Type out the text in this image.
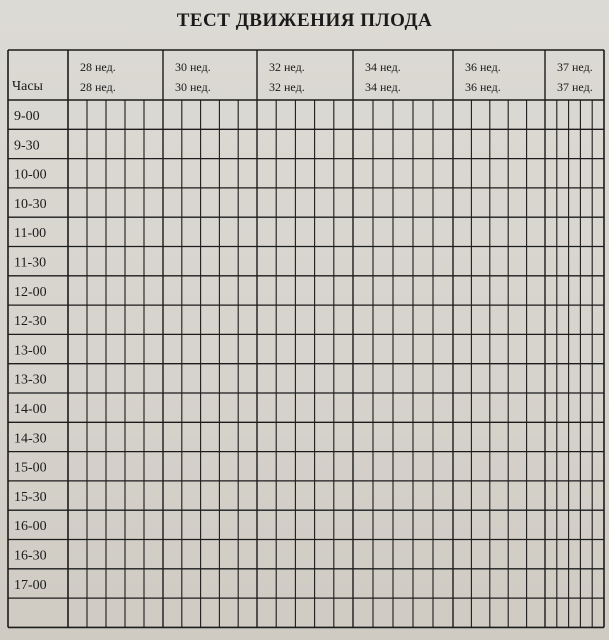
ТЕСТ ДВИЖЕНИЯ ПЛОДА
Часы
28 нед.
28 нед.
30 нед.
30 нед.
32 нед.
32 нед.
34 нед.
34 нед.
36 нед.
36 нед.
37 нед.
37 нед.
9-00
9-30
10-00
10-30
11-00
11-30
12-00
12-30
13-00
13-30
14-00
14-30
15-00
15-30
16-00
16-30
17-00
